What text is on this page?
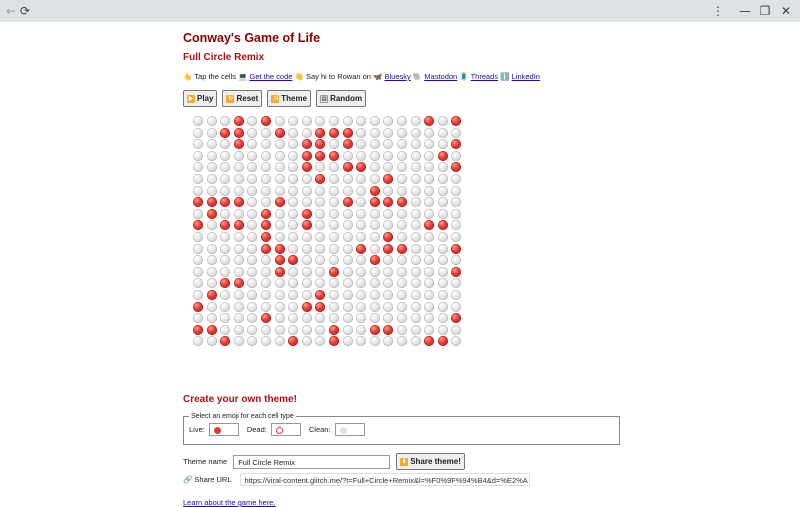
← ⟳	⋮ — ❐ ✕
Conway's Game of Life
Full Circle Remix
👆 Tap the cells 💻 Get the code 👋 Say hi to Rowan on 🦋 Bluesky 🐘 Mastodon 🧵 Threads ℹ️ LinkedIn
▶ Play ↻ Reset ⤨ Theme ⚄ Random
Create your own theme!
Select an emoji for each cell type
Live:	Dead:	Clean:
Theme name	Full Circle Remix	⬇ Share theme!
🔗 Share URL	https://viral-content.glitch.me/?t=Full+Circle+Remix&l=%F0%9F%94%B4&d=%E2%A
Learn about the game here.
